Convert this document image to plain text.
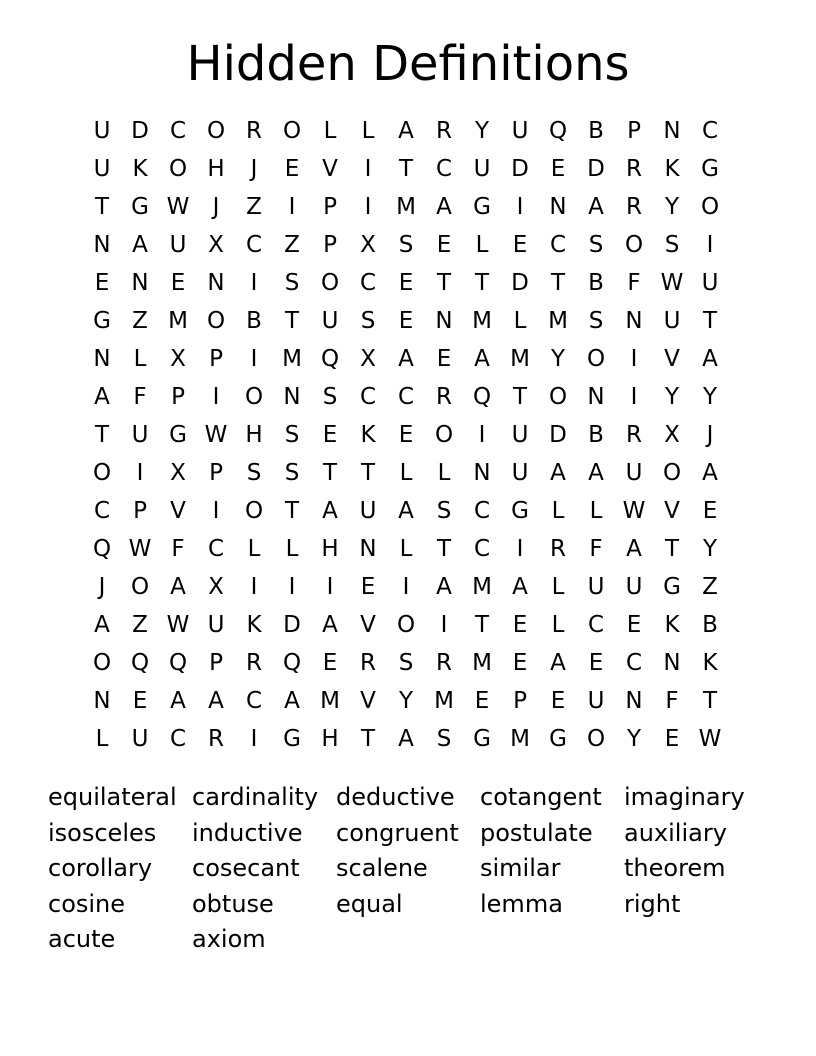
Hidden Definitions
U D C O R O L	L	A R Y U Q B	P N C
U K O H	J	E V	I	T C U D E D R K G
T G W	J	Z	I	P	I	M A G	I	N A R Y O
N A U X C Z	P	X S	E	L	E C S O S	I
E N E N	I	S O C E	T	T D T	B	F W U
G Z M O B	T U S	E N M L M S N U T
N L	X	P	I	M Q X A E A M Y O	I	V A
A	F	P	I	O N S C C R Q T O N	I	Y	Y
T U G W H S	E	K	E O	I	U D B R X	J
O	I	X	P	S	S	T	T	L	L N U A A U O A
C	P	V	I	O T	A U A S C G L	L W V E
Q W F	C	L	L H N L	T C	I	R	F	A	T	Y
J	O A X	I	I	I	E	I	A M A	L	U U G Z
A Z W U K D A V O	I	T	E	L	C E	K B
O Q Q P	R Q E R S R M E A E C N K
N E A A C A M V	Y M E	P	E U N F	T
L	U C R	I	G H T	A S G M G O Y	E W
equilateral cardinality deductive	cotangent imaginary
isosceles	inductive	congruent postulate	auxiliary
corollary	cosecant	scalene	similar	theorem
cosine	obtuse	equal	lemma	right
acute	axiom
